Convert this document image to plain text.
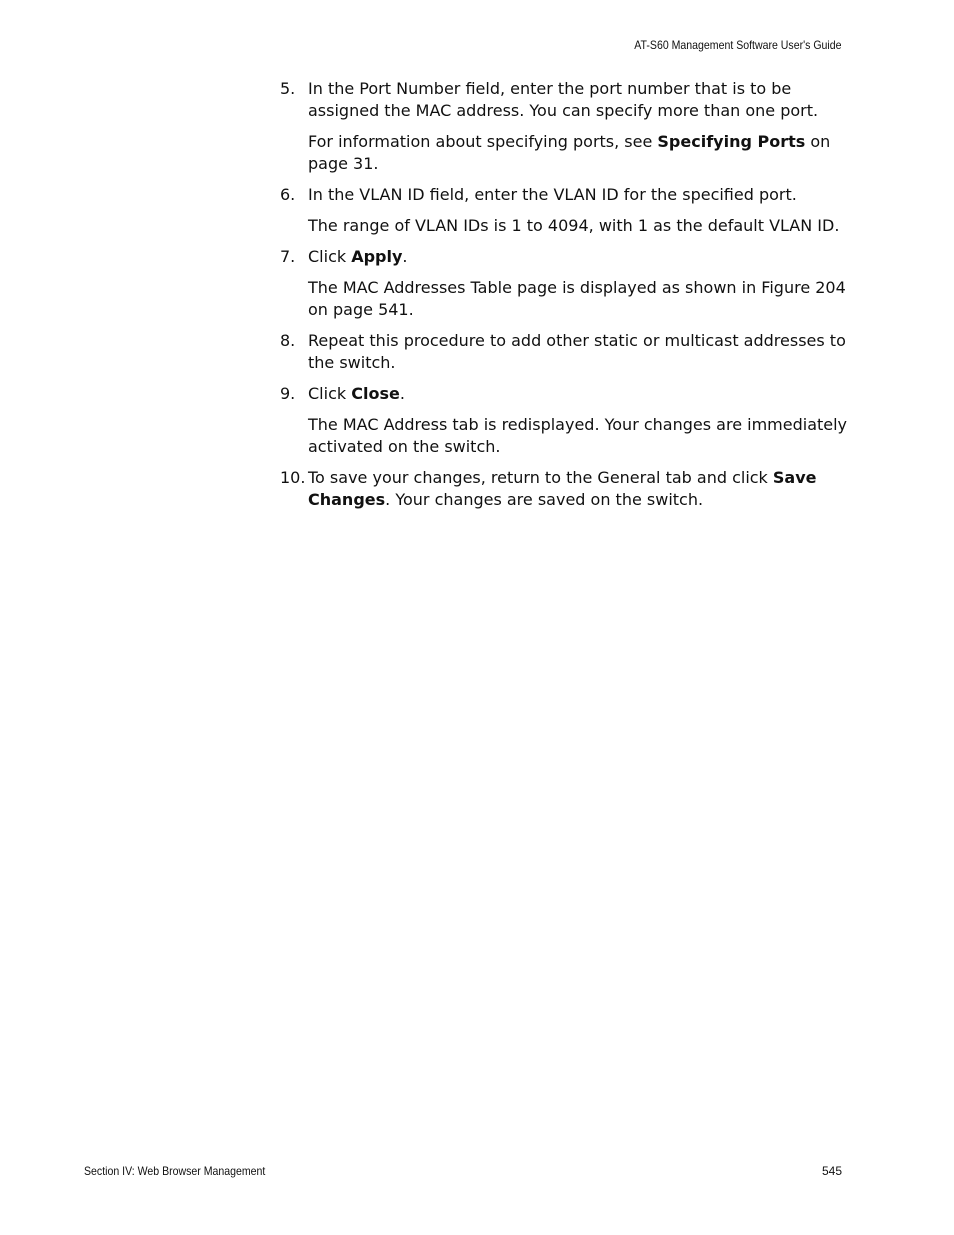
AT-S60 Management Software User's Guide
5. In the Port Number field, enter the port number that is to be assigned the MAC address. You can specify more than one port.

For information about specifying ports, see Specifying Ports on page 31.

6. In the VLAN ID field, enter the VLAN ID for the specified port.

The range of VLAN IDs is 1 to 4094, with 1 as the default VLAN ID.

7. Click Apply.

The MAC Addresses Table page is displayed as shown in Figure 204 on page 541.

8. Repeat this procedure to add other static or multicast addresses to the switch.
9. Click Close.

The MAC Address tab is redisplayed. Your changes are immediately activated on the switch.

10. To save your changes, return to the General tab and click Save Changes. Your changes are saved on the switch.
Section IV: Web Browser Management	545
